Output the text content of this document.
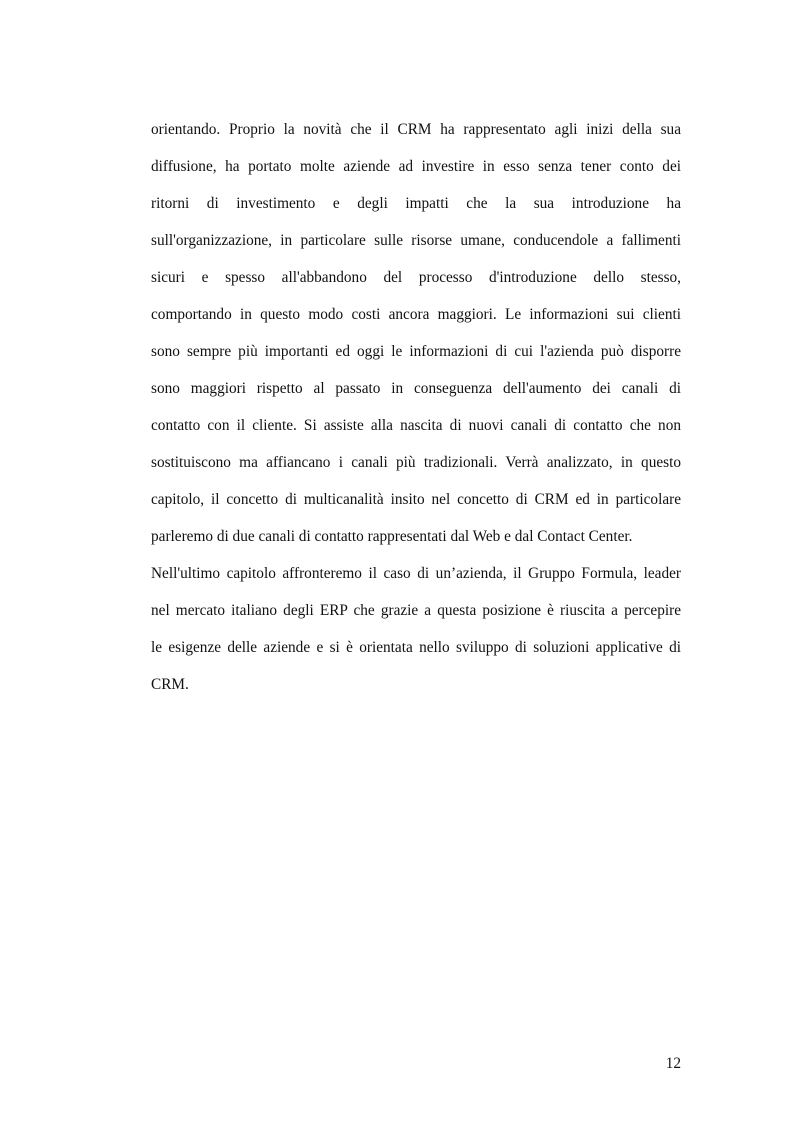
orientando. Proprio la novità che il CRM ha rappresentato agli inizi della sua
diffusione, ha portato molte aziende ad investire in esso senza tener conto dei
ritorni di investimento e degli impatti che la sua introduzione ha
sull'organizzazione, in particolare sulle risorse umane, conducendole a fallimenti
sicuri e spesso all'abbandono del processo d'introduzione dello stesso,
comportando in questo modo costi ancora maggiori. Le informazioni sui clienti
sono sempre più importanti ed oggi le informazioni di cui l'azienda può disporre
sono maggiori rispetto al passato in conseguenza dell'aumento dei canali di
contatto con il cliente. Si assiste alla nascita di nuovi canali di contatto che non
sostituiscono ma affiancano i canali più tradizionali. Verrà analizzato, in questo
capitolo, il concetto di multicanalità insito nel concetto di CRM ed in particolare
parleremo di due canali di contatto rappresentati dal Web e dal Contact Center.
Nell'ultimo capitolo affronteremo il caso di un’azienda, il Gruppo Formula, leader
nel mercato italiano degli ERP che grazie a questa posizione è riuscita a percepire
le esigenze delle aziende e si è orientata nello sviluppo di soluzioni applicative di
CRM.
12
